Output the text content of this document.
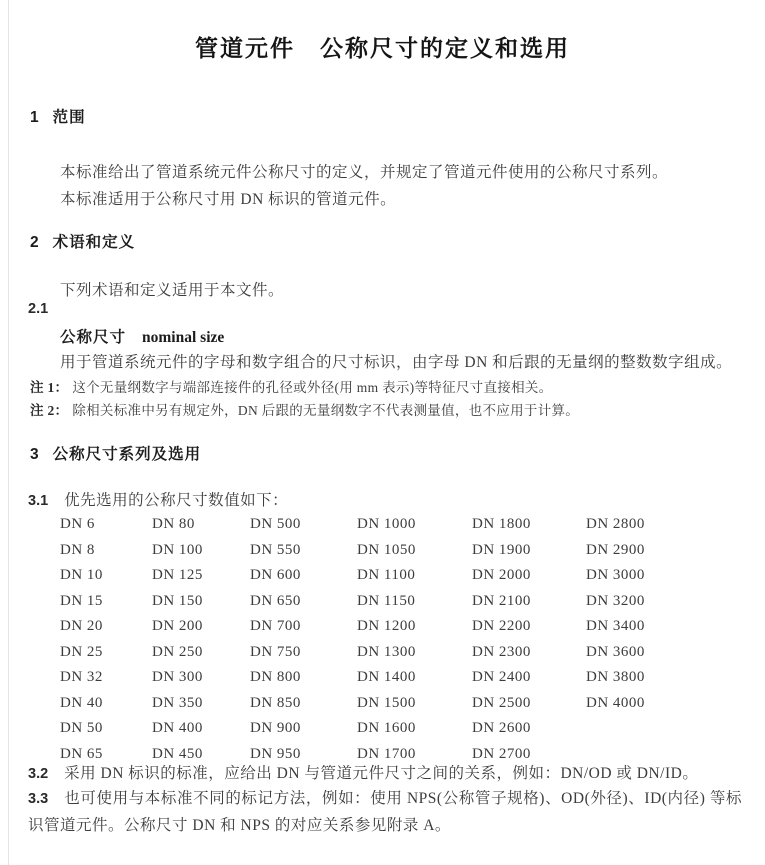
管道元件　公称尺寸的定义和选用
1 范围
本标准给出了管道系统元件公称尺寸的定义，并规定了管道元件使用的公称尺寸系列。
本标准适用于公称尺寸用 DN 标识的管道元件。
2 术语和定义
下列术语和定义适用于本文件。
2.1
公称尺寸 nominal size
用于管道系统元件的字母和数字组合的尺寸标识，由字母 DN 和后跟的无量纲的整数数字组成。
注 1： 这个无量纲数字与端部连接件的孔径或外径(用 mm 表示)等特征尺寸直接相关。
注 2： 除相关标准中另有规定外，DN 后跟的无量纲数字不代表测量值，也不应用于计算。
3 公称尺寸系列及选用
3.1 优先选用的公称尺寸数值如下：
DN 6
DN 8
DN 10
DN 15
DN 20
DN 25
DN 32
DN 40
DN 50
DN 65
DN 80
DN 100
DN 125
DN 150
DN 200
DN 250
DN 300
DN 350
DN 400
DN 450
DN 500
DN 550
DN 600
DN 650
DN 700
DN 750
DN 800
DN 850
DN 900
DN 950
DN 1000
DN 1050
DN 1100
DN 1150
DN 1200
DN 1300
DN 1400
DN 1500
DN 1600
DN 1700
DN 1800
DN 1900
DN 2000
DN 2100
DN 2200
DN 2300
DN 2400
DN 2500
DN 2600
DN 2700
DN 2800
DN 2900
DN 3000
DN 3200
DN 3400
DN 3600
DN 3800
DN 4000
3.2 采用 DN 标识的标准，应给出 DN 与管道元件尺寸之间的关系，例如：DN/OD 或 DN/ID。
3.3 也可使用与本标准不同的标记方法，例如：使用 NPS(公称管子规格)、OD(外径)、ID(内径) 等标识管道元件。公称尺寸 DN 和 NPS 的对应关系参见附录 A。
